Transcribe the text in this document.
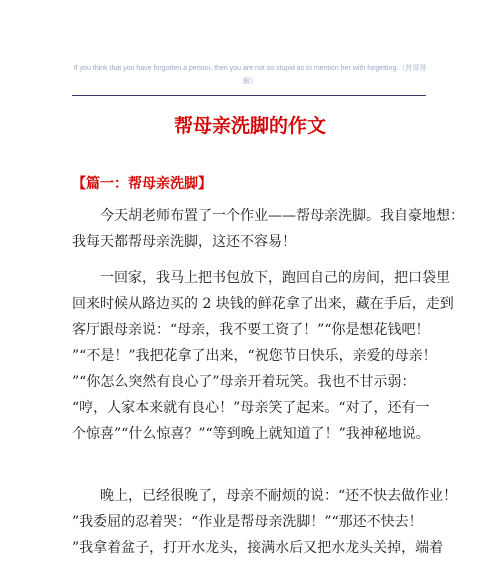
If you think that you have forgotten a person, then you are not so stupid as to mention her with forgetting.（莒哥哥解）
帮母亲洗脚的作文
【篇一：帮母亲洗脚】
今天胡老师布置了一个作业——帮母亲洗脚。我自豪地想：
我每天都帮母亲洗脚，这还不容易！
一回家，我马上把书包放下，跑回自己的房间，把口袋里
回来时候从路边买的 2 块钱的鲜花拿了出来，藏在手后，走到
客厅跟母亲说：“母亲，我不要工资了！”“你是想花钱吧！
”“不是！”我把花拿了出来，“祝您节日快乐，亲爱的母亲！
”“你怎么突然有良心了”母亲开着玩笑。我也不甘示弱：
“哼，人家本来就有良心！”母亲笑了起来。“对了，还有一
个惊喜”“什么惊喜？”“等到晚上就知道了！”我神秘地说。
晚上，已经很晚了，母亲不耐烦的说：“还不快去做作业！
”我委屈的忍着哭：“作业是帮母亲洗脚！”“那还不快去！
”我拿着盆子，打开水龙头，接满水后又把水龙头关掉，端着
